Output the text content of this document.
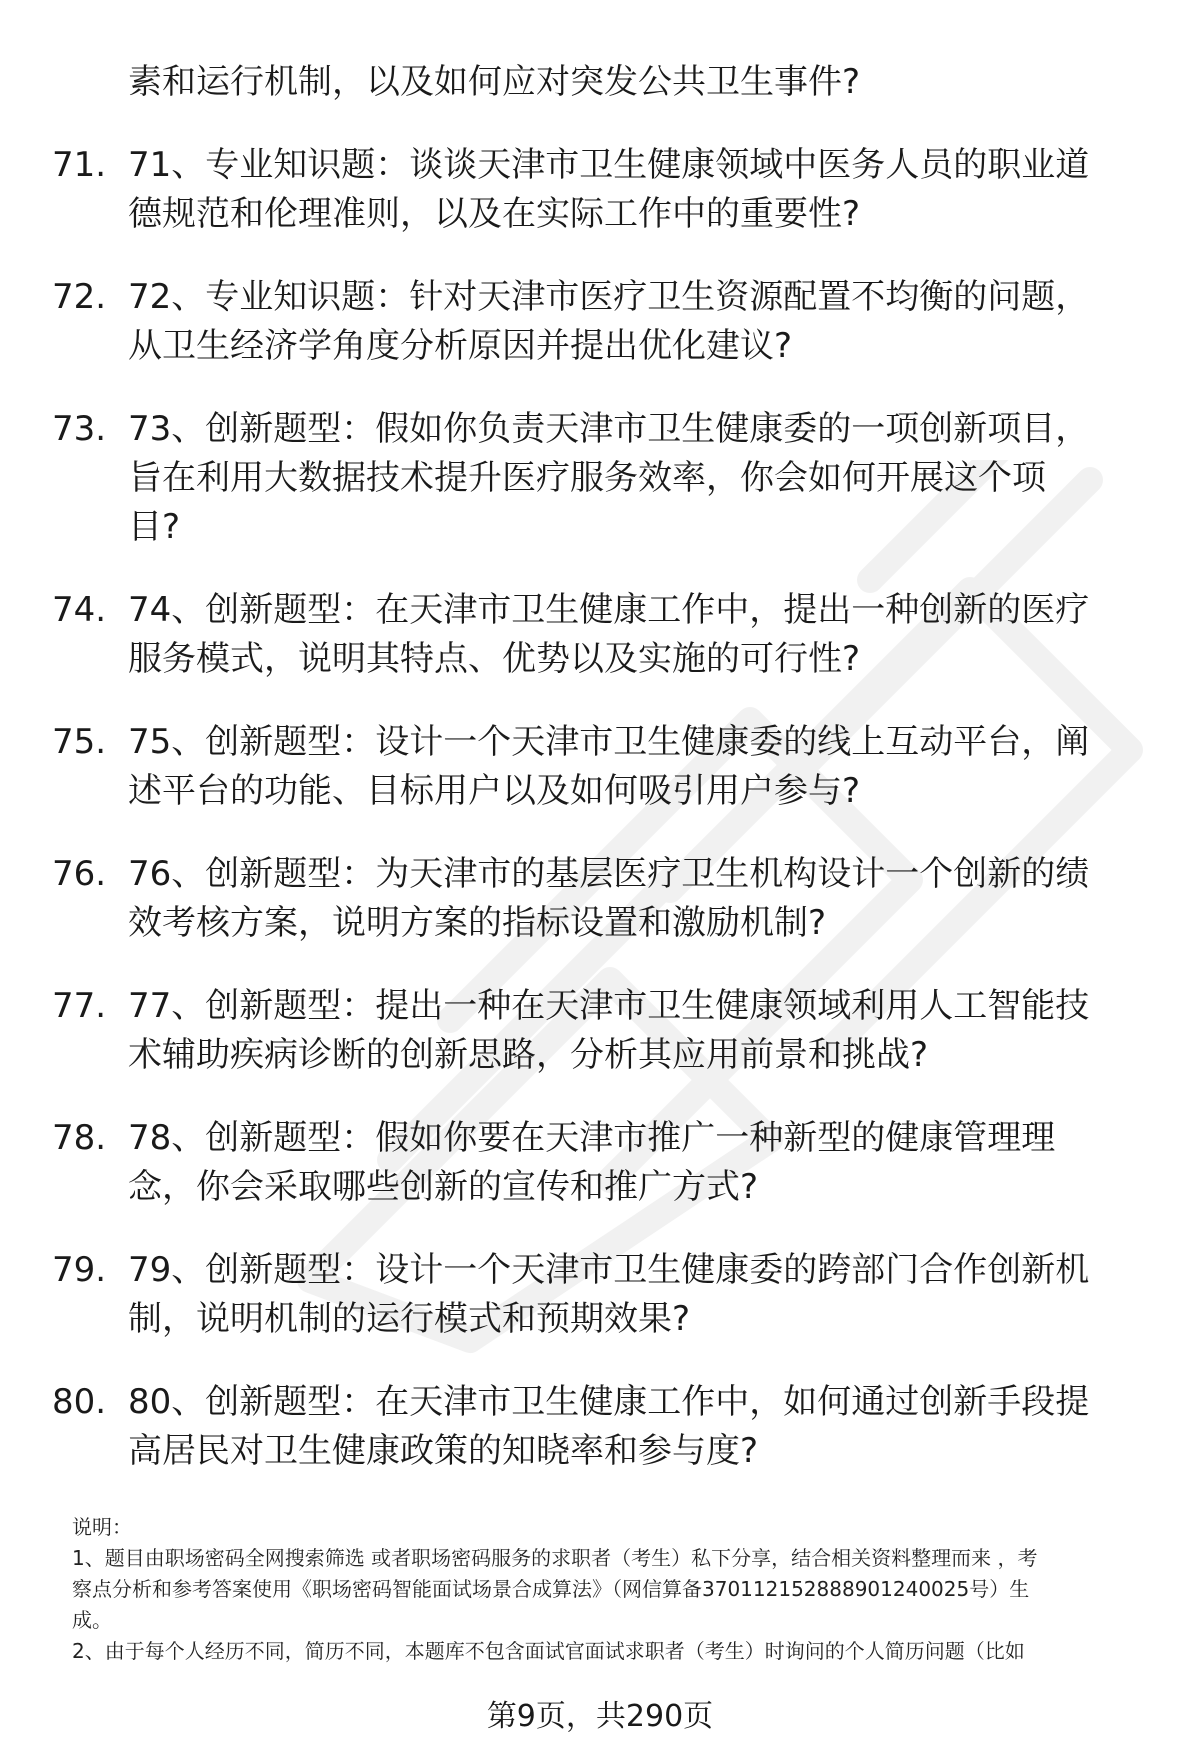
素和运行机制，以及如何应对突发公共卫生事件?
71. 71、专业知识题：谈谈天津市卫生健康领域中医务人员的职业道
德规范和伦理准则，以及在实际工作中的重要性?
72. 72、专业知识题：针对天津市医疗卫生资源配置不均衡的问题，
从卫生经济学角度分析原因并提出优化建议?
73. 73、创新题型：假如你负责天津市卫生健康委的一项创新项目，
旨在利用大数据技术提升医疗服务效率，你会如何开展这个项
目?
74. 74、创新题型：在天津市卫生健康工作中，提出一种创新的医疗
服务模式，说明其特点、优势以及实施的可行性?
75. 75、创新题型：设计一个天津市卫生健康委的线上互动平台，阐
述平台的功能、目标用户以及如何吸引用户参与?
76. 76、创新题型：为天津市的基层医疗卫生机构设计一个创新的绩
效考核方案，说明方案的指标设置和激励机制?
77. 77、创新题型：提出一种在天津市卫生健康领域利用人工智能技
术辅助疾病诊断的创新思路，分析其应用前景和挑战?
78. 78、创新题型：假如你要在天津市推广一种新型的健康管理理
念，你会采取哪些创新的宣传和推广方式?
79. 79、创新题型：设计一个天津市卫生健康委的跨部门合作创新机
制，说明机制的运行模式和预期效果?
80. 80、创新题型：在天津市卫生健康工作中，如何通过创新手段提
高居民对卫生健康政策的知晓率和参与度?

说明：

1、题目由职场密码全网搜索筛选 或者职场密码服务的求职者（考生）私下分享，结合相关资料整理而来 ，考
察点分析和参考答案使用《职场密码智能面试场景合成算法》（网信算备370112152888901240025号）生
成。

2、由于每个人经历不同，简历不同，本题库不包含面试官面试求职者（考生）时询问的个人简历问题（比如

第9页，共290页
